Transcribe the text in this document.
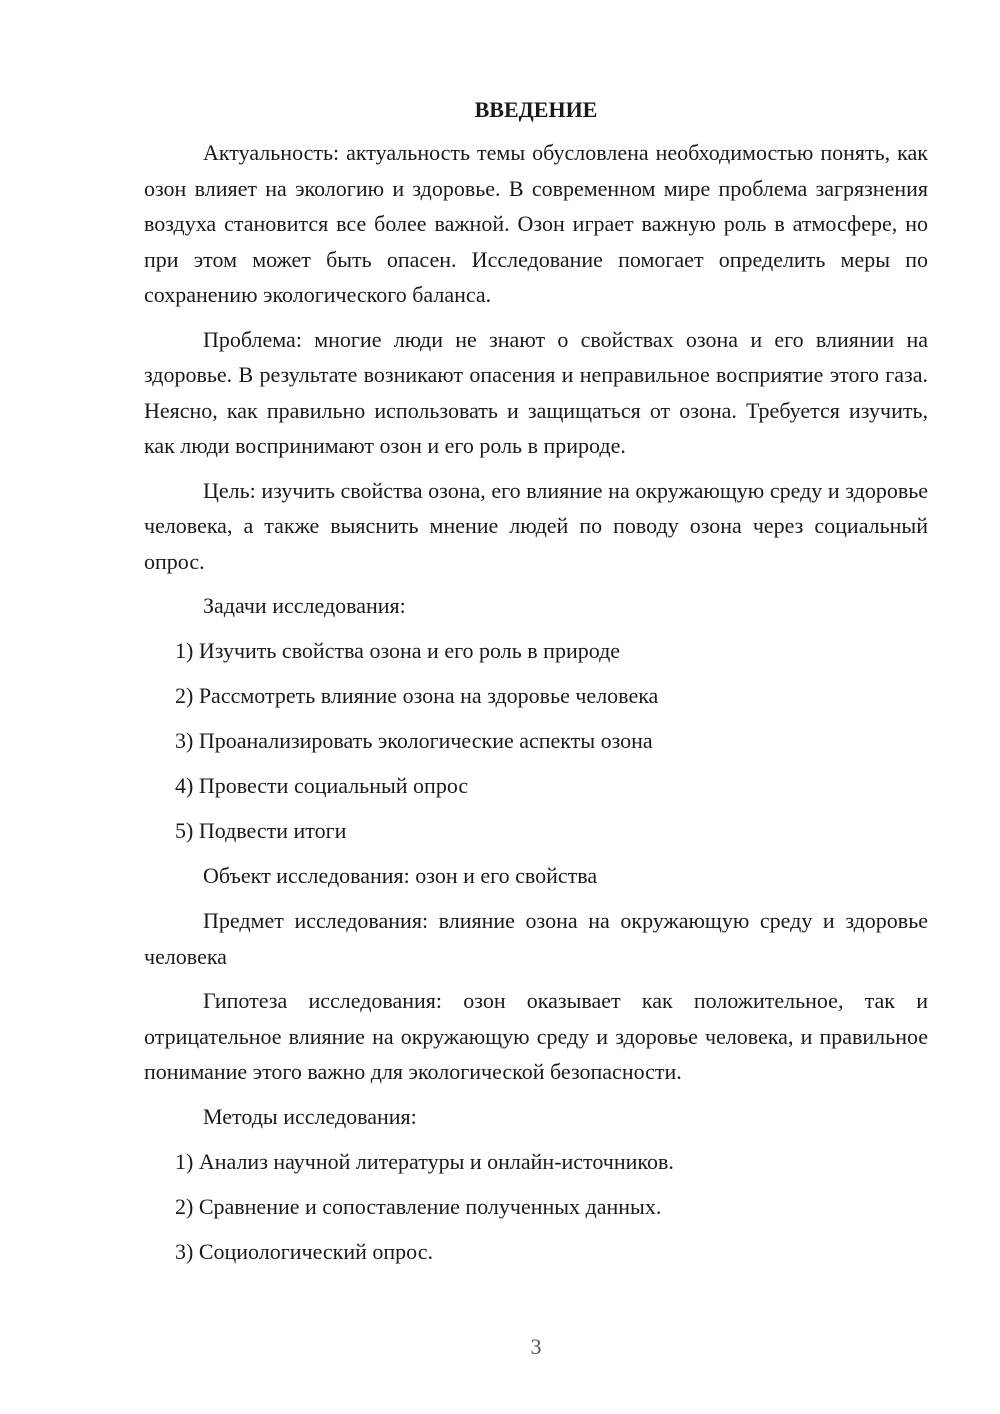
ВВЕДЕНИЕ

Актуальность: актуальность темы обусловлена необходимостью понять, как озон влияет на экологию и здоровье. В современном мире проблема загрязнения воздуха становится все более важной. Озон играет важную роль в атмосфере, но при этом может быть опасен. Исследование помогает определить меры по сохранению экологического баланса.

Проблема: многие люди не знают о свойствах озона и его влиянии на здоровье. В результате возникают опасения и неправильное восприятие этого газа. Неясно, как правильно использовать и защищаться от озона. Требуется изучить, как люди воспринимают озон и его роль в природе.

Цель: изучить свойства озона, его влияние на окружающую среду и здоровье человека, а также выяснить мнение людей по поводу озона через социальный опрос.

Задачи исследования:
1) Изучить свойства озона и его роль в природе
2) Рассмотреть влияние озона на здоровье человека
3) Проанализировать экологические аспекты озона
4) Провести социальный опрос
5) Подвести итоги
Объект исследования: озон и его свойства

Предмет исследования: влияние озона на окружающую среду и здоровье человека

Гипотеза исследования: озон оказывает как положительное, так и отрицательное влияние на окружающую среду и здоровье человека, и правильное понимание этого важно для экологической безопасности.

Методы исследования:
1) Анализ научной литературы и онлайн-источников.
2) Сравнение и сопоставление полученных данных.
3) Социологический опрос.
3
